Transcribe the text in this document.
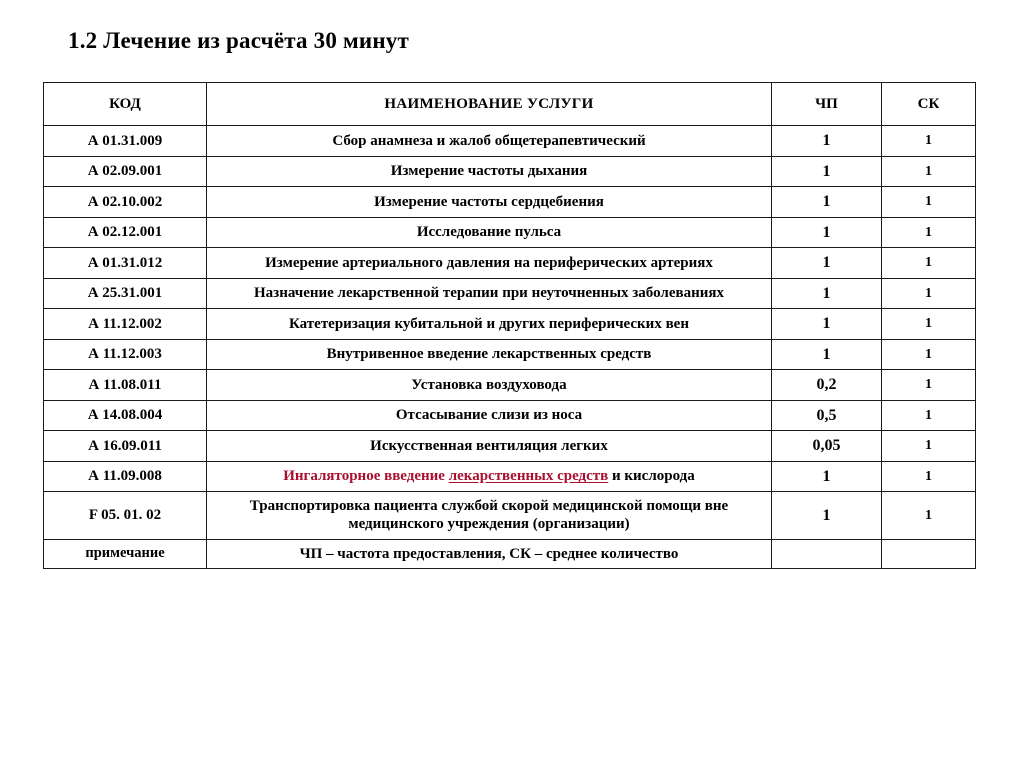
1.2 Лечение из расчёта 30 минут
КОД	НАИМЕНОВАНИЕ УСЛУГИ	ЧП	СК
А 01.31.009	Сбор анамнеза и жалоб общетерапевтический	1	1
А 02.09.001	Измерение частоты дыхания	1	1
А 02.10.002	Измерение частоты сердцебиения	1	1
А 02.12.001	Исследование пульса	1	1
А 01.31.012	Измерение артериального давления на периферических артериях	1	1
А 25.31.001	Назначение лекарственной терапии при неуточненных заболеваниях	1	1
А 11.12.002	Катетеризация кубитальной и других периферических вен	1	1
А 11.12.003	Внутривенное введение лекарственных средств	1	1
А 11.08.011	Установка воздуховода	0,2	1
А 14.08.004	Отсасывание слизи из носа	0,5	1
А 16.09.011	Искусственная вентиляция легких	0,05	1
А 11.09.008	Ингаляторное введение лекарственных средств и кислорода	1	1
F 05. 01. 02	Транспортировка пациента службой скорой медицинской помощи вне медицинского учреждения (организации)	1	1
примечание	ЧП – частота предоставления, СК – среднее количество		
